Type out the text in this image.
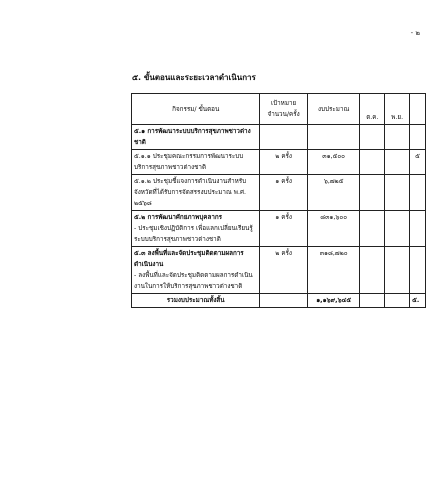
- ๒
๕. ขั้นตอนและระยะเวลาดำเนินการ
กิจกรรม/ ขั้นตอน	เป้าหมาย จำนวน/ครั้ง	งบประมาณ	ต.ค.	พ.ย.	
๕.๑ การพัฒนาระบบบริการสุขภาพชาวต่างชาติ					
๕.๑.๑ ประชุมคณะกรรมการพัฒนาระบบบริการสุขภาพชาวต่างชาติ	๒ ครั้ง	๓๑,๕๐๐			๕
๕.๑.๒ ประชุมชี้แจงการดำเนินงานสำหรับจังหวัดที่ได้รับการจัดสรรงบประมาณ พ.ศ. ๒๕๖๘	๑ ครั้ง	๖,๗๒๕			

๕.๒ การพัฒนาศักยภาพบุคลากร
- ประชุมเชิงปฏิบัติการ เพื่อแลกเปลี่ยนเรียนรู้ ระบบบริการสุขภาพชาวต่างชาติ	๑ ครั้ง	๘๓๑,๖๐๐			

๕.๓ ลงพื้นที่และจัดประชุมติดตามผลการดำเนินงาน
- ลงพื้นที่และจัดประชุมติดตามผลการดำเนินงานในการให้บริการสุขภาพชาวต่างชาติ	๒ ครั้ง	๓๑๘,๗๒๐			
รวมงบประมาณทั้งสิ้น		๑,๑๖๙,๖๔๕			๕.
